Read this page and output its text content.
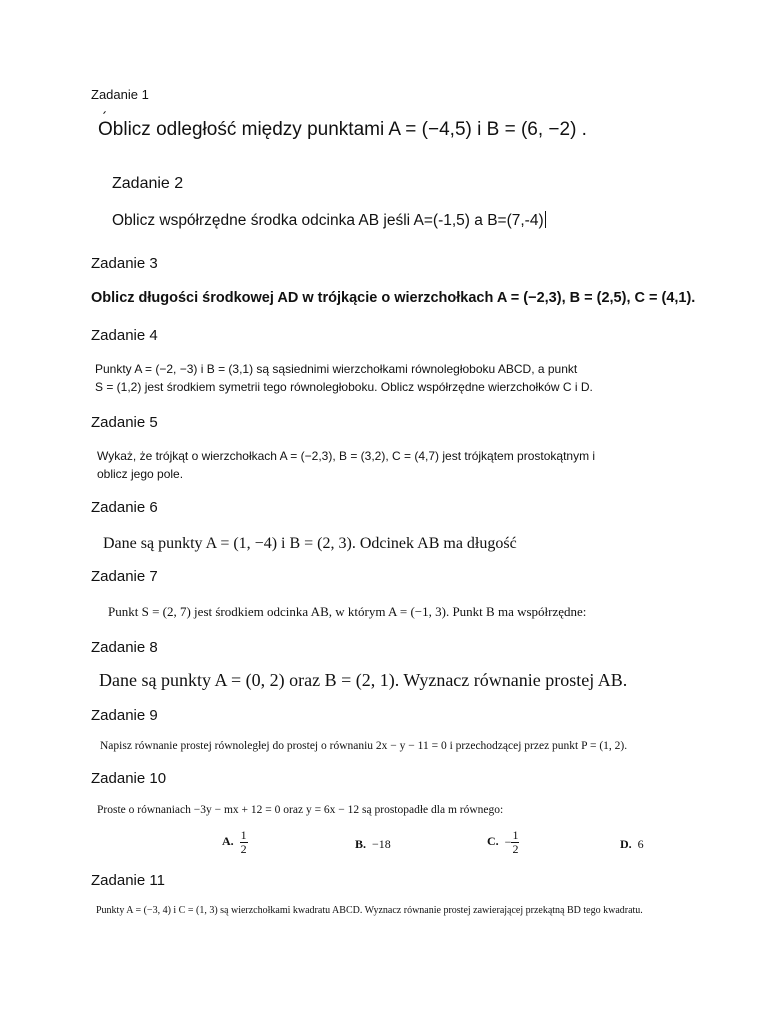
Zadanie 1
Oblicz odległość między punktami A = (−4,5) i B = (6, −2) .
Zadanie 2
Oblicz współrzędne środka odcinka AB jeśli A=(-1,5) a B=(7,-4)
Zadanie 3
Oblicz długości środkowej AD w trójkącie o wierzchołkach A = (−2,3), B = (2,5), C = (4,1).
Zadanie 4
Punkty A = (−2, −3) i B = (3,1) są sąsiednimi wierzchołkami równoległoboku ABCD, a punkt
S = (1,2) jest środkiem symetrii tego równoległoboku. Oblicz współrzędne wierzchołków C i D.
Zadanie 5
Wykaż, że trójkąt o wierzchołkach A = (−2,3), B = (3,2), C = (4,7) jest trójkątem prostokątnym i
oblicz jego pole.
Zadanie 6
Dane są punkty A = (1, −4) i B = (2, 3). Odcinek AB ma długość
Zadanie 7
Punkt S = (2, 7) jest środkiem odcinka AB, w którym A = (−1, 3). Punkt B ma współrzędne:
Zadanie 8
Dane są punkty A = (0, 2) oraz B = (2, 1). Wyznacz równanie prostej AB.
Zadanie 9
Napisz równanie prostej równoległej do prostej o równaniu 2x − y − 11 = 0 i przechodzącej przez punkt P = (1, 2).
Zadanie 10
Proste o równaniach −3y − mx + 12 = 0 oraz y = 6x − 12 są prostopadłe dla m równego:
A. $\frac{1}{2}$	B. −18	C. − $\frac{1}{2}$	D. 6
Zadanie 11
Punkty A = (−3, 4) i C = (1, 3) są wierzchołkami kwadratu ABCD. Wyznacz równanie prostej zawierającej przekątną BD tego kwadratu.
